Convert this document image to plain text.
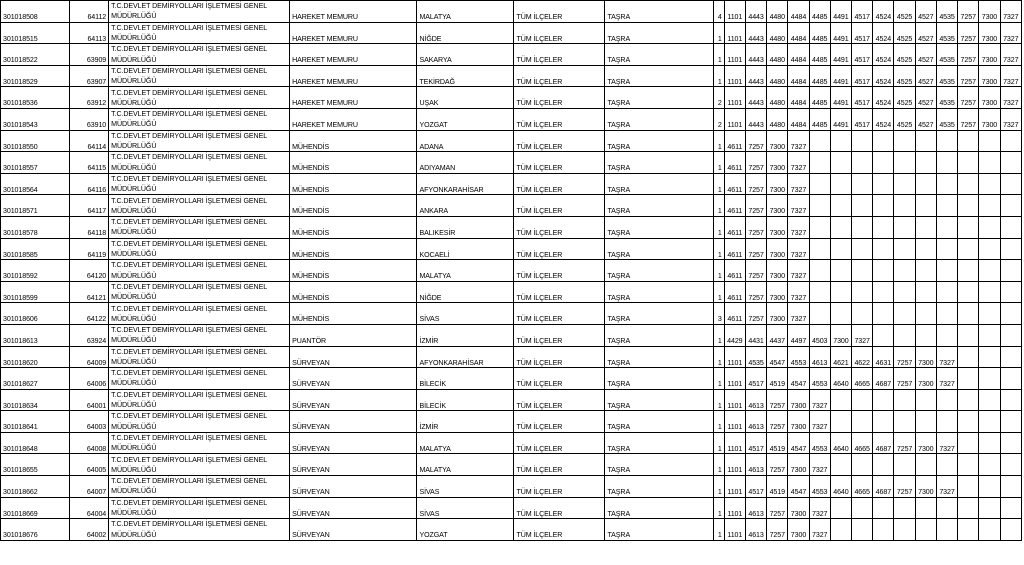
301018508	64112	T.C.DEVLET DEMİRYOLLARI İŞLETMESİ GENEL MÜDÜRLÜĞÜ	HAREKET MEMURU	MALATYA	TÜM İLÇELER	TAŞRA	4	1101	4443	4480	4484	4485	4491	4517	4524	4525	4527	4535	7257	7300	7327
301018515	64113	T.C.DEVLET DEMİRYOLLARI İŞLETMESİ GENEL MÜDÜRLÜĞÜ	HAREKET MEMURU	NİĞDE	TÜM İLÇELER	TAŞRA	1	1101	4443	4480	4484	4485	4491	4517	4524	4525	4527	4535	7257	7300	7327
301018522	63909	T.C.DEVLET DEMİRYOLLARI İŞLETMESİ GENEL MÜDÜRLÜĞÜ	HAREKET MEMURU	SAKARYA	TÜM İLÇELER	TAŞRA	1	1101	4443	4480	4484	4485	4491	4517	4524	4525	4527	4535	7257	7300	7327
301018529	63907	T.C.DEVLET DEMİRYOLLARI İŞLETMESİ GENEL MÜDÜRLÜĞÜ	HAREKET MEMURU	TEKİRDAĞ	TÜM İLÇELER	TAŞRA	1	1101	4443	4480	4484	4485	4491	4517	4524	4525	4527	4535	7257	7300	7327
301018536	63912	T.C.DEVLET DEMİRYOLLARI İŞLETMESİ GENEL MÜDÜRLÜĞÜ	HAREKET MEMURU	UŞAK	TÜM İLÇELER	TAŞRA	2	1101	4443	4480	4484	4485	4491	4517	4524	4525	4527	4535	7257	7300	7327
301018543	63910	T.C.DEVLET DEMİRYOLLARI İŞLETMESİ GENEL MÜDÜRLÜĞÜ	HAREKET MEMURU	YOZGAT	TÜM İLÇELER	TAŞRA	2	1101	4443	4480	4484	4485	4491	4517	4524	4525	4527	4535	7257	7300	7327
301018550	64114	T.C.DEVLET DEMİRYOLLARI İŞLETMESİ GENEL MÜDÜRLÜĞÜ	MÜHENDİS	ADANA	TÜM İLÇELER	TAŞRA	1	4611	7257	7300	7327										
301018557	64115	T.C.DEVLET DEMİRYOLLARI İŞLETMESİ GENEL MÜDÜRLÜĞÜ	MÜHENDİS	ADIYAMAN	TÜM İLÇELER	TAŞRA	1	4611	7257	7300	7327										
301018564	64116	T.C.DEVLET DEMİRYOLLARI İŞLETMESİ GENEL MÜDÜRLÜĞÜ	MÜHENDİS	AFYONKARAHİSAR	TÜM İLÇELER	TAŞRA	1	4611	7257	7300	7327										
301018571	64117	T.C.DEVLET DEMİRYOLLARI İŞLETMESİ GENEL MÜDÜRLÜĞÜ	MÜHENDİS	ANKARA	TÜM İLÇELER	TAŞRA	1	4611	7257	7300	7327										
301018578	64118	T.C.DEVLET DEMİRYOLLARI İŞLETMESİ GENEL MÜDÜRLÜĞÜ	MÜHENDİS	BALIKESİR	TÜM İLÇELER	TAŞRA	1	4611	7257	7300	7327										
301018585	64119	T.C.DEVLET DEMİRYOLLARI İŞLETMESİ GENEL MÜDÜRLÜĞÜ	MÜHENDİS	KOCAELİ	TÜM İLÇELER	TAŞRA	1	4611	7257	7300	7327										
301018592	64120	T.C.DEVLET DEMİRYOLLARI İŞLETMESİ GENEL MÜDÜRLÜĞÜ	MÜHENDİS	MALATYA	TÜM İLÇELER	TAŞRA	1	4611	7257	7300	7327										
301018599	64121	T.C.DEVLET DEMİRYOLLARI İŞLETMESİ GENEL MÜDÜRLÜĞÜ	MÜHENDİS	NİĞDE	TÜM İLÇELER	TAŞRA	1	4611	7257	7300	7327										
301018606	64122	T.C.DEVLET DEMİRYOLLARI İŞLETMESİ GENEL MÜDÜRLÜĞÜ	MÜHENDİS	SİVAS	TÜM İLÇELER	TAŞRA	3	4611	7257	7300	7327										
301018613	63924	T.C.DEVLET DEMİRYOLLARI İŞLETMESİ GENEL MÜDÜRLÜĞÜ	PUANTÖR	İZMİR	TÜM İLÇELER	TAŞRA	1	4429	4431	4437	4497	4503	7300	7327							
301018620	64009	T.C.DEVLET DEMİRYOLLARI İŞLETMESİ GENEL MÜDÜRLÜĞÜ	SÜRVEYAN	AFYONKARAHİSAR	TÜM İLÇELER	TAŞRA	1	1101	4535	4547	4553	4613	4621	4622	4631	7257	7300	7327			
301018627	64006	T.C.DEVLET DEMİRYOLLARI İŞLETMESİ GENEL MÜDÜRLÜĞÜ	SÜRVEYAN	BİLECİK	TÜM İLÇELER	TAŞRA	1	1101	4517	4519	4547	4553	4640	4665	4687	7257	7300	7327			
301018634	64001	T.C.DEVLET DEMİRYOLLARI İŞLETMESİ GENEL MÜDÜRLÜĞÜ	SÜRVEYAN	BİLECİK	TÜM İLÇELER	TAŞRA	1	1101	4613	7257	7300	7327									
301018641	64003	T.C.DEVLET DEMİRYOLLARI İŞLETMESİ GENEL MÜDÜRLÜĞÜ	SÜRVEYAN	İZMİR	TÜM İLÇELER	TAŞRA	1	1101	4613	7257	7300	7327									
301018648	64008	T.C.DEVLET DEMİRYOLLARI İŞLETMESİ GENEL MÜDÜRLÜĞÜ	SÜRVEYAN	MALATYA	TÜM İLÇELER	TAŞRA	1	1101	4517	4519	4547	4553	4640	4665	4687	7257	7300	7327			
301018655	64005	T.C.DEVLET DEMİRYOLLARI İŞLETMESİ GENEL MÜDÜRLÜĞÜ	SÜRVEYAN	MALATYA	TÜM İLÇELER	TAŞRA	1	1101	4613	7257	7300	7327									
301018662	64007	T.C.DEVLET DEMİRYOLLARI İŞLETMESİ GENEL MÜDÜRLÜĞÜ	SÜRVEYAN	SİVAS	TÜM İLÇELER	TAŞRA	1	1101	4517	4519	4547	4553	4640	4665	4687	7257	7300	7327			
301018669	64004	T.C.DEVLET DEMİRYOLLARI İŞLETMESİ GENEL MÜDÜRLÜĞÜ	SÜRVEYAN	SİVAS	TÜM İLÇELER	TAŞRA	1	1101	4613	7257	7300	7327									
301018676	64002	T.C.DEVLET DEMİRYOLLARI İŞLETMESİ GENEL MÜDÜRLÜĞÜ	SÜRVEYAN	YOZGAT	TÜM İLÇELER	TAŞRA	1	1101	4613	7257	7300	7327									
